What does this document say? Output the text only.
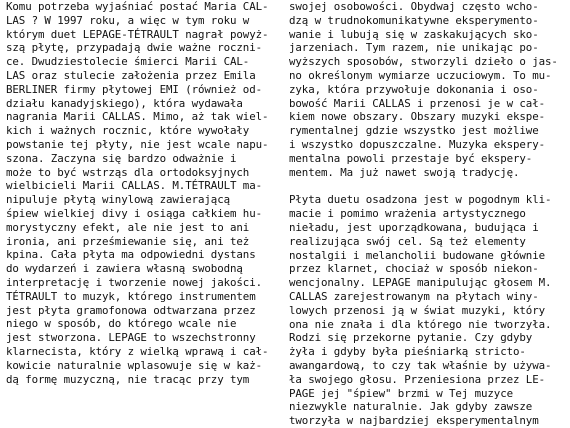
Komu potrzeba wyjaśniać postać Maria CAL-
LAS ? W 1997 roku, a więc w tym roku w
którym duet LEPAGE-TÉTRAULT nagrał powyż-
szą płytę, przypadają dwie ważne roczni-
ce. Dwudziestolecie śmierci Marii CAL-
LAS oraz stulecie założenia przez Emila
BERLINER firmy płytowej EMI (również od-
działu kanadyjskiego), która wydawała
nagrania Marii CALLAS. Mimo, aż tak wiel-
kich i ważnych rocznic, które wywołały
powstanie tej płyty, nie jest wcale napu-
szona. Zaczyna się bardzo odważnie i
może to być wstrząs dla ortodoksyjnych
wielbicieli Marii CALLAS. M.TÉTRAULT ma-
nipuluje płytą winylową zawierającą
śpiew wielkiej divy i osiąga całkiem hu-
morystyczny efekt, ale nie jest to ani
ironia, ani prześmiewanie się, ani też
kpina. Cała płyta ma odpowiedni dystans
do wydarzeń i zawiera własną swobodną
interpretację i tworzenie nowej jakości.
TÉTRAULT to muzyk, którego instrumentem
jest płyta gramofonowa odtwarzana przez
niego w sposób, do którego wcale nie
jest stworzona. LEPAGE to wszechstronny
klarnecista, który z wielką wprawą i cał-
kowicie naturalnie wplasowuje się w każ-
dą formę muzyczną, nie tracąc przy tym
swojej osobowości. Obydwaj często wcho-
dzą w trudnokomunikatywne eksperymento-
wanie i lubują się w zaskakujących sko-
jarzeniach. Tym razem, nie unikając po-
wyższych sposobów, stworzyli dzieło o jas-
no określonym wymiarze uczuciowym. To mu-
zyka, która przywołuje dokonania i oso-
bowość Marii CALLAS i przenosi je w cał-
kiem nowe obszary. Obszary muzyki ekspe-
rymentalnej gdzie wszystko jest możliwe
i wszystko dopuszczalne. Muzyka ekspery-
mentalna powoli przestaje być ekspery-
mentem. Ma już nawet swoją tradycję.
Płyta duetu osadzona jest w pogodnym kli-
macie i pomimo wrażenia artystycznego
nieładu, jest uporządkowana, budująca i
realizująca swój cel. Są też elementy
nostalgii i melancholii budowane głównie
przez klarnet, chociaż w sposób niekon-
wencjonalny. LEPAGE manipulując głosem M.
CALLAS zarejestrowanym na płytach winy-
lowych przenosi ją w świat muzyki, który
ona nie znała i dla którego nie tworzyła.
Rodzi się przekorne pytanie. Czy gdyby
żyła i gdyby była pieśniarką stricto-
awangardową, to czy tak właśnie by używa-
ła swojego głosu. Przeniesiona przez LE-
PAGE jej "śpiew" brzmi w Tej muzyce
niezwykle naturalnie. Jak gdyby zawsze
tworzyła w najbardziej eksperymentalnym
